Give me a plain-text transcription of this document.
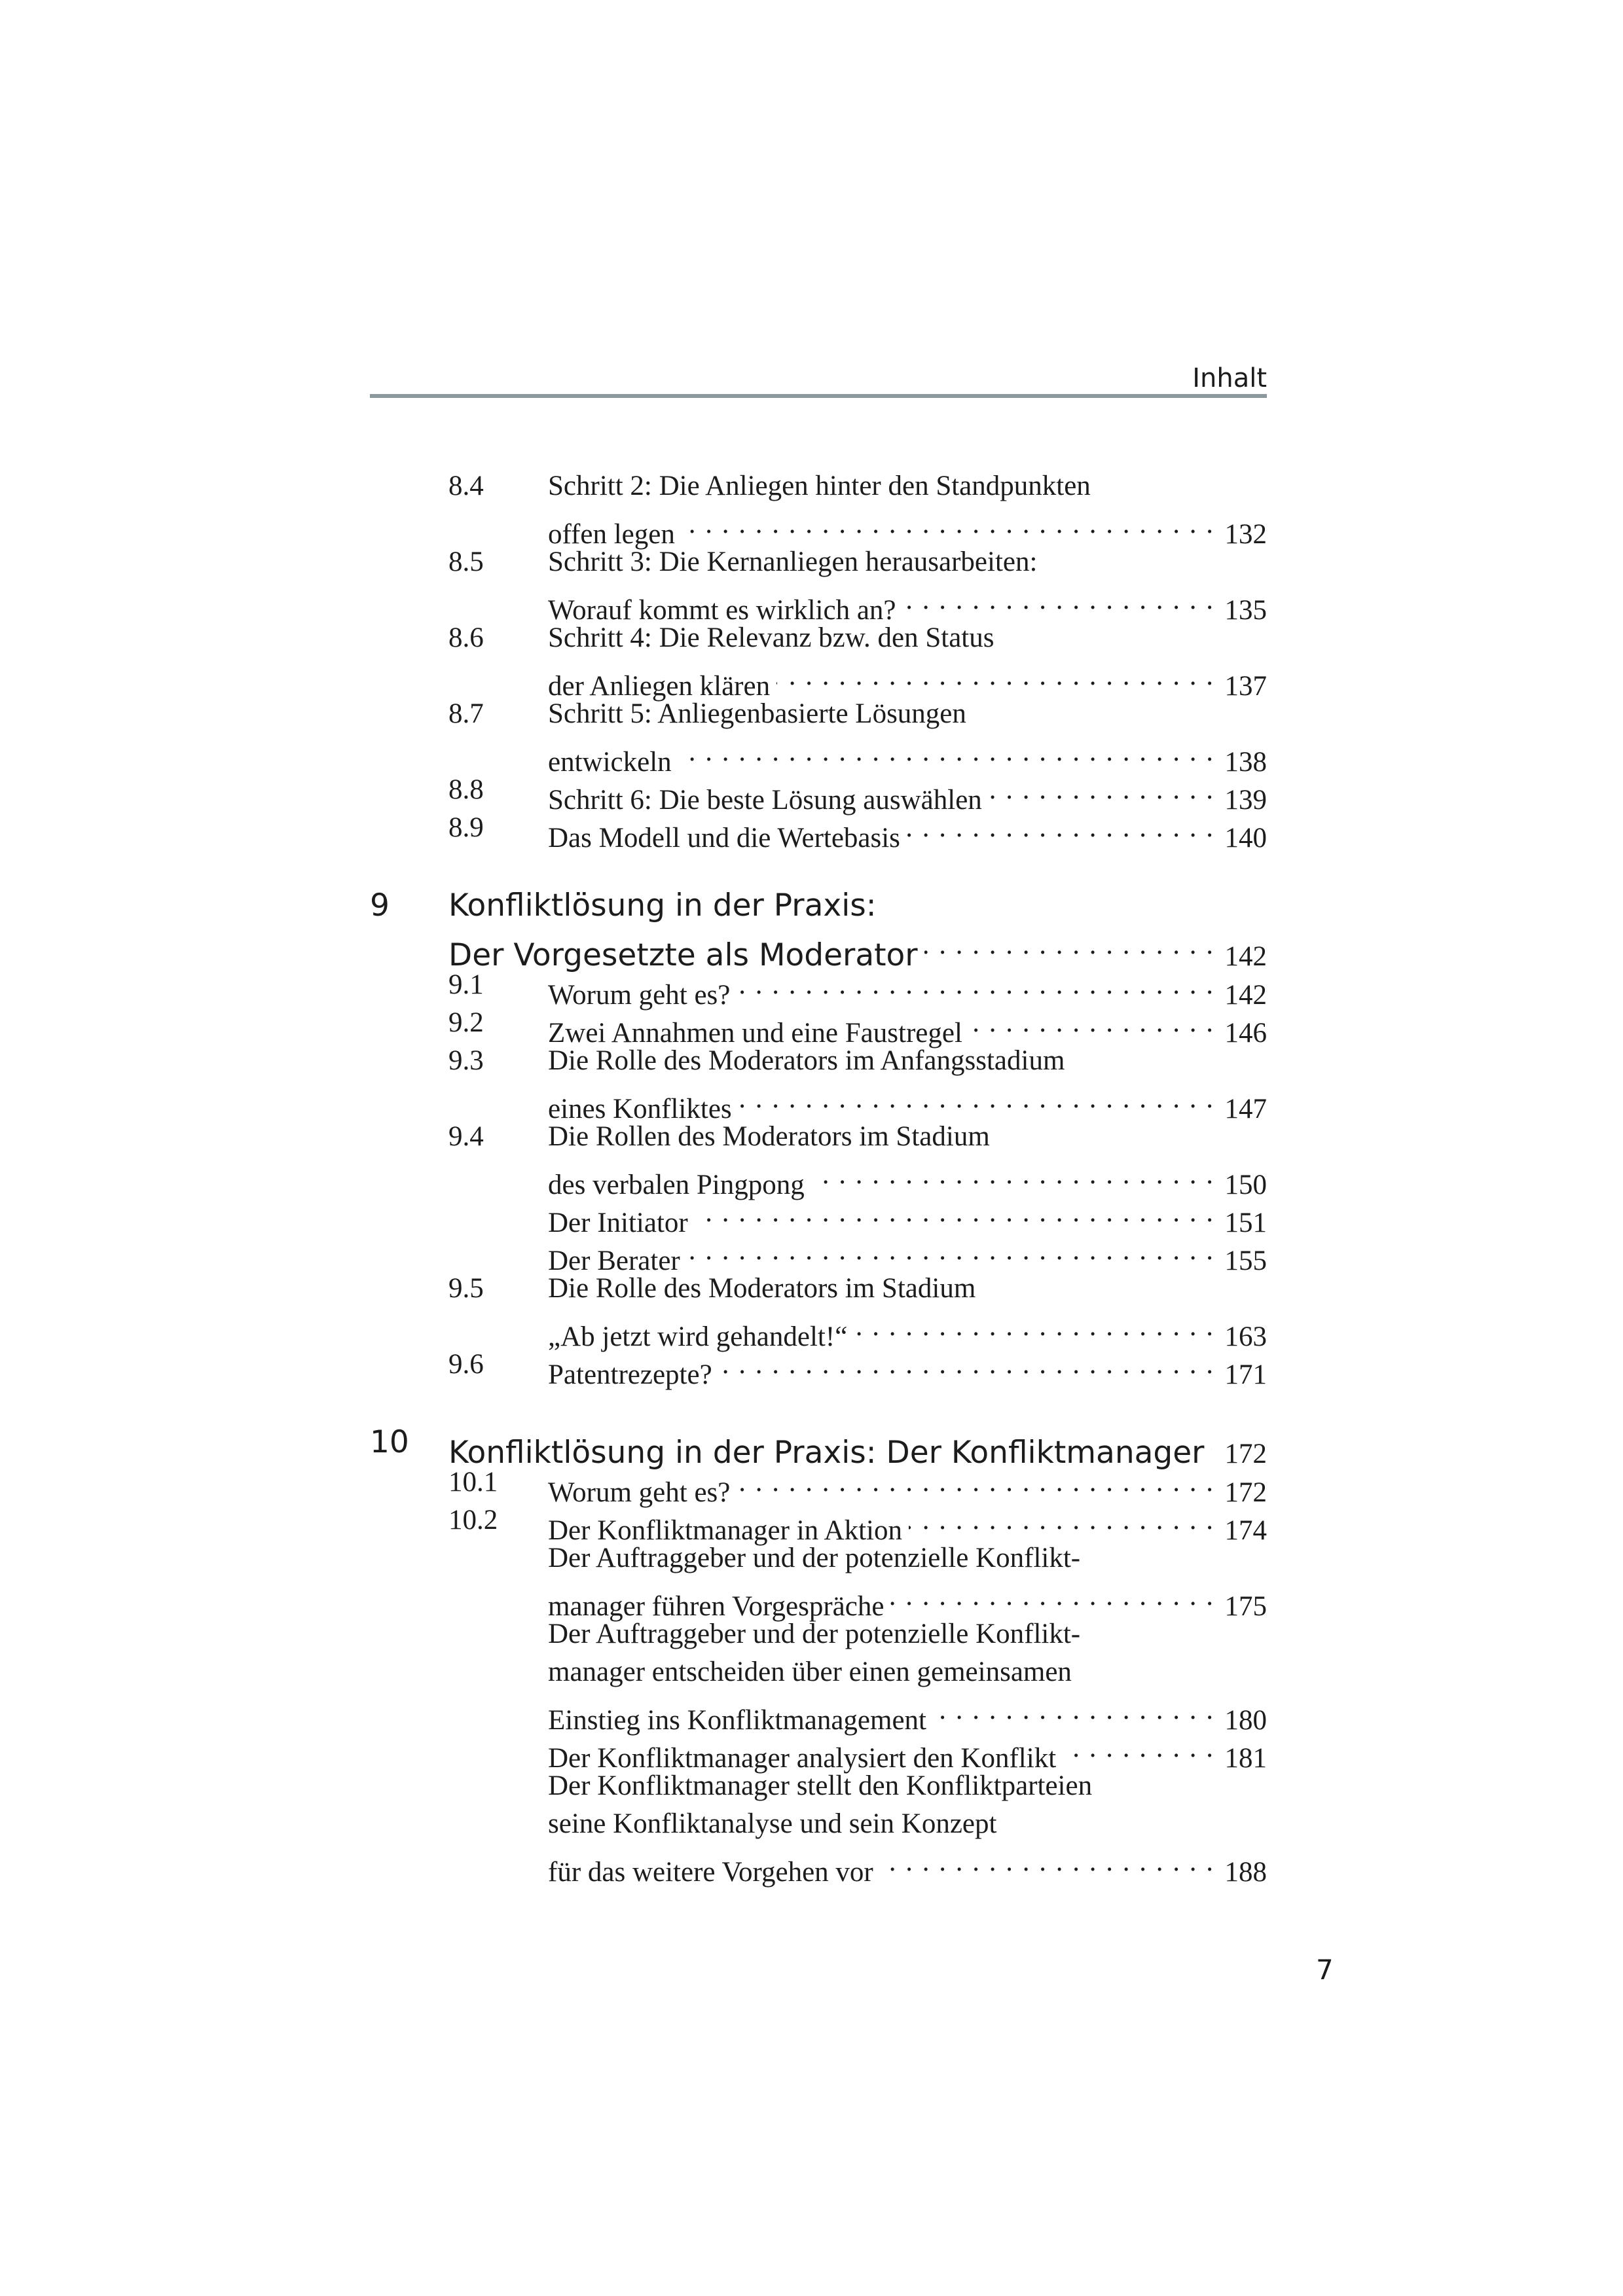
Inhalt
8.4 Schritt 2: Die Anliegen hinter den Standpunkten
offen legen . . .	132
8.5 Schritt 3: Die Kernanliegen herausarbeiten:
Worauf kommt es wirklich an? . . .	135
8.6 Schritt 4: Die Relevanz bzw. den Status
der Anliegen klären . . .	137
8.7 Schritt 5: Anliegenbasierte Lösungen
entwickeln . . .	138
8.8 Schritt 6: Die beste Lösung auswählen . . .	139
8.9 Das Modell und die Wertebasis . . .	140
9 Konfliktlösung in der Praxis:
Der Vorgesetzte als Moderator . . .	142
9.1 Worum geht es? . . .	142
9.2 Zwei Annahmen und eine Faustregel . . .	146
9.3 Die Rolle des Moderators im Anfangsstadium
eines Konfliktes . . .	147
9.4 Die Rollen des Moderators im Stadium
des verbalen Pingpong . . .	150
Der Initiator . . .	151
Der Berater . . .	155
9.5 Die Rolle des Moderators im Stadium
„Ab jetzt wird gehandelt!“ . . .	163
9.6 Patentrezepte? . . .	171
10 Konfliktlösung in der Praxis: Der Konfliktmanager . . . 172
10.1 Worum geht es? . . .	172
10.2 Der Konfliktmanager in Aktion . . .	174
Der Auftraggeber und der potenzielle Konflikt-
manager führen Vorgespräche . . .	175
Der Auftraggeber und der potenzielle Konflikt-
manager entscheiden über einen gemeinsamen
Einstieg ins Konfliktmanagement . . .	180
Der Konfliktmanager analysiert den Konflikt . . .	181
Der Konfliktmanager stellt den Konfliktparteien
seine Konfliktanalyse und sein Konzept
für das weitere Vorgehen vor . . .	188
7
